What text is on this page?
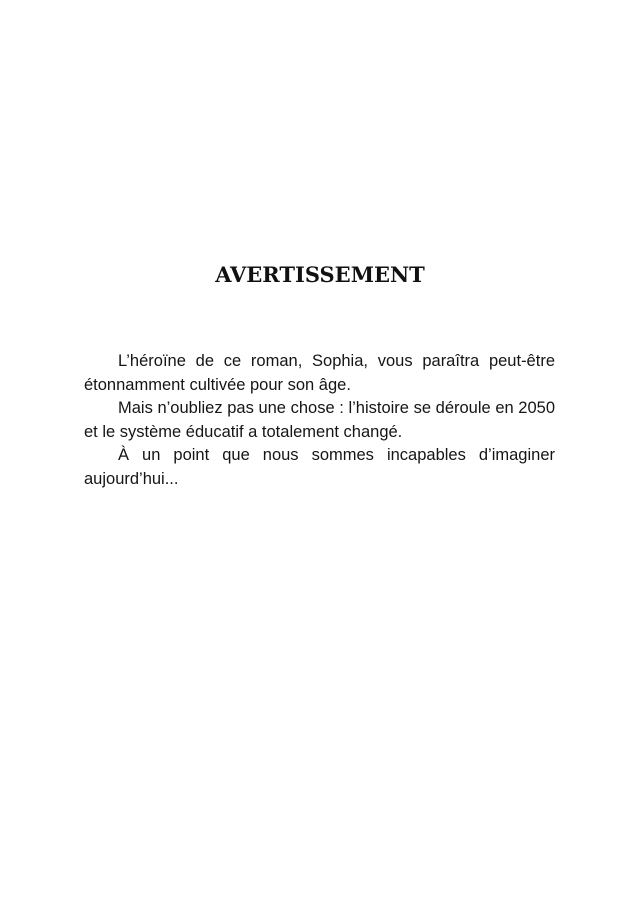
AVERTISSEMENT

L’héroïne de ce roman, Sophia, vous paraîtra peut-être étonnamment cultivée pour son âge.

Mais n’oubliez pas une chose : l’histoire se déroule en 2050 et le système éducatif a totalement changé.

À un point que nous sommes incapables d’imaginer aujourd’hui...
